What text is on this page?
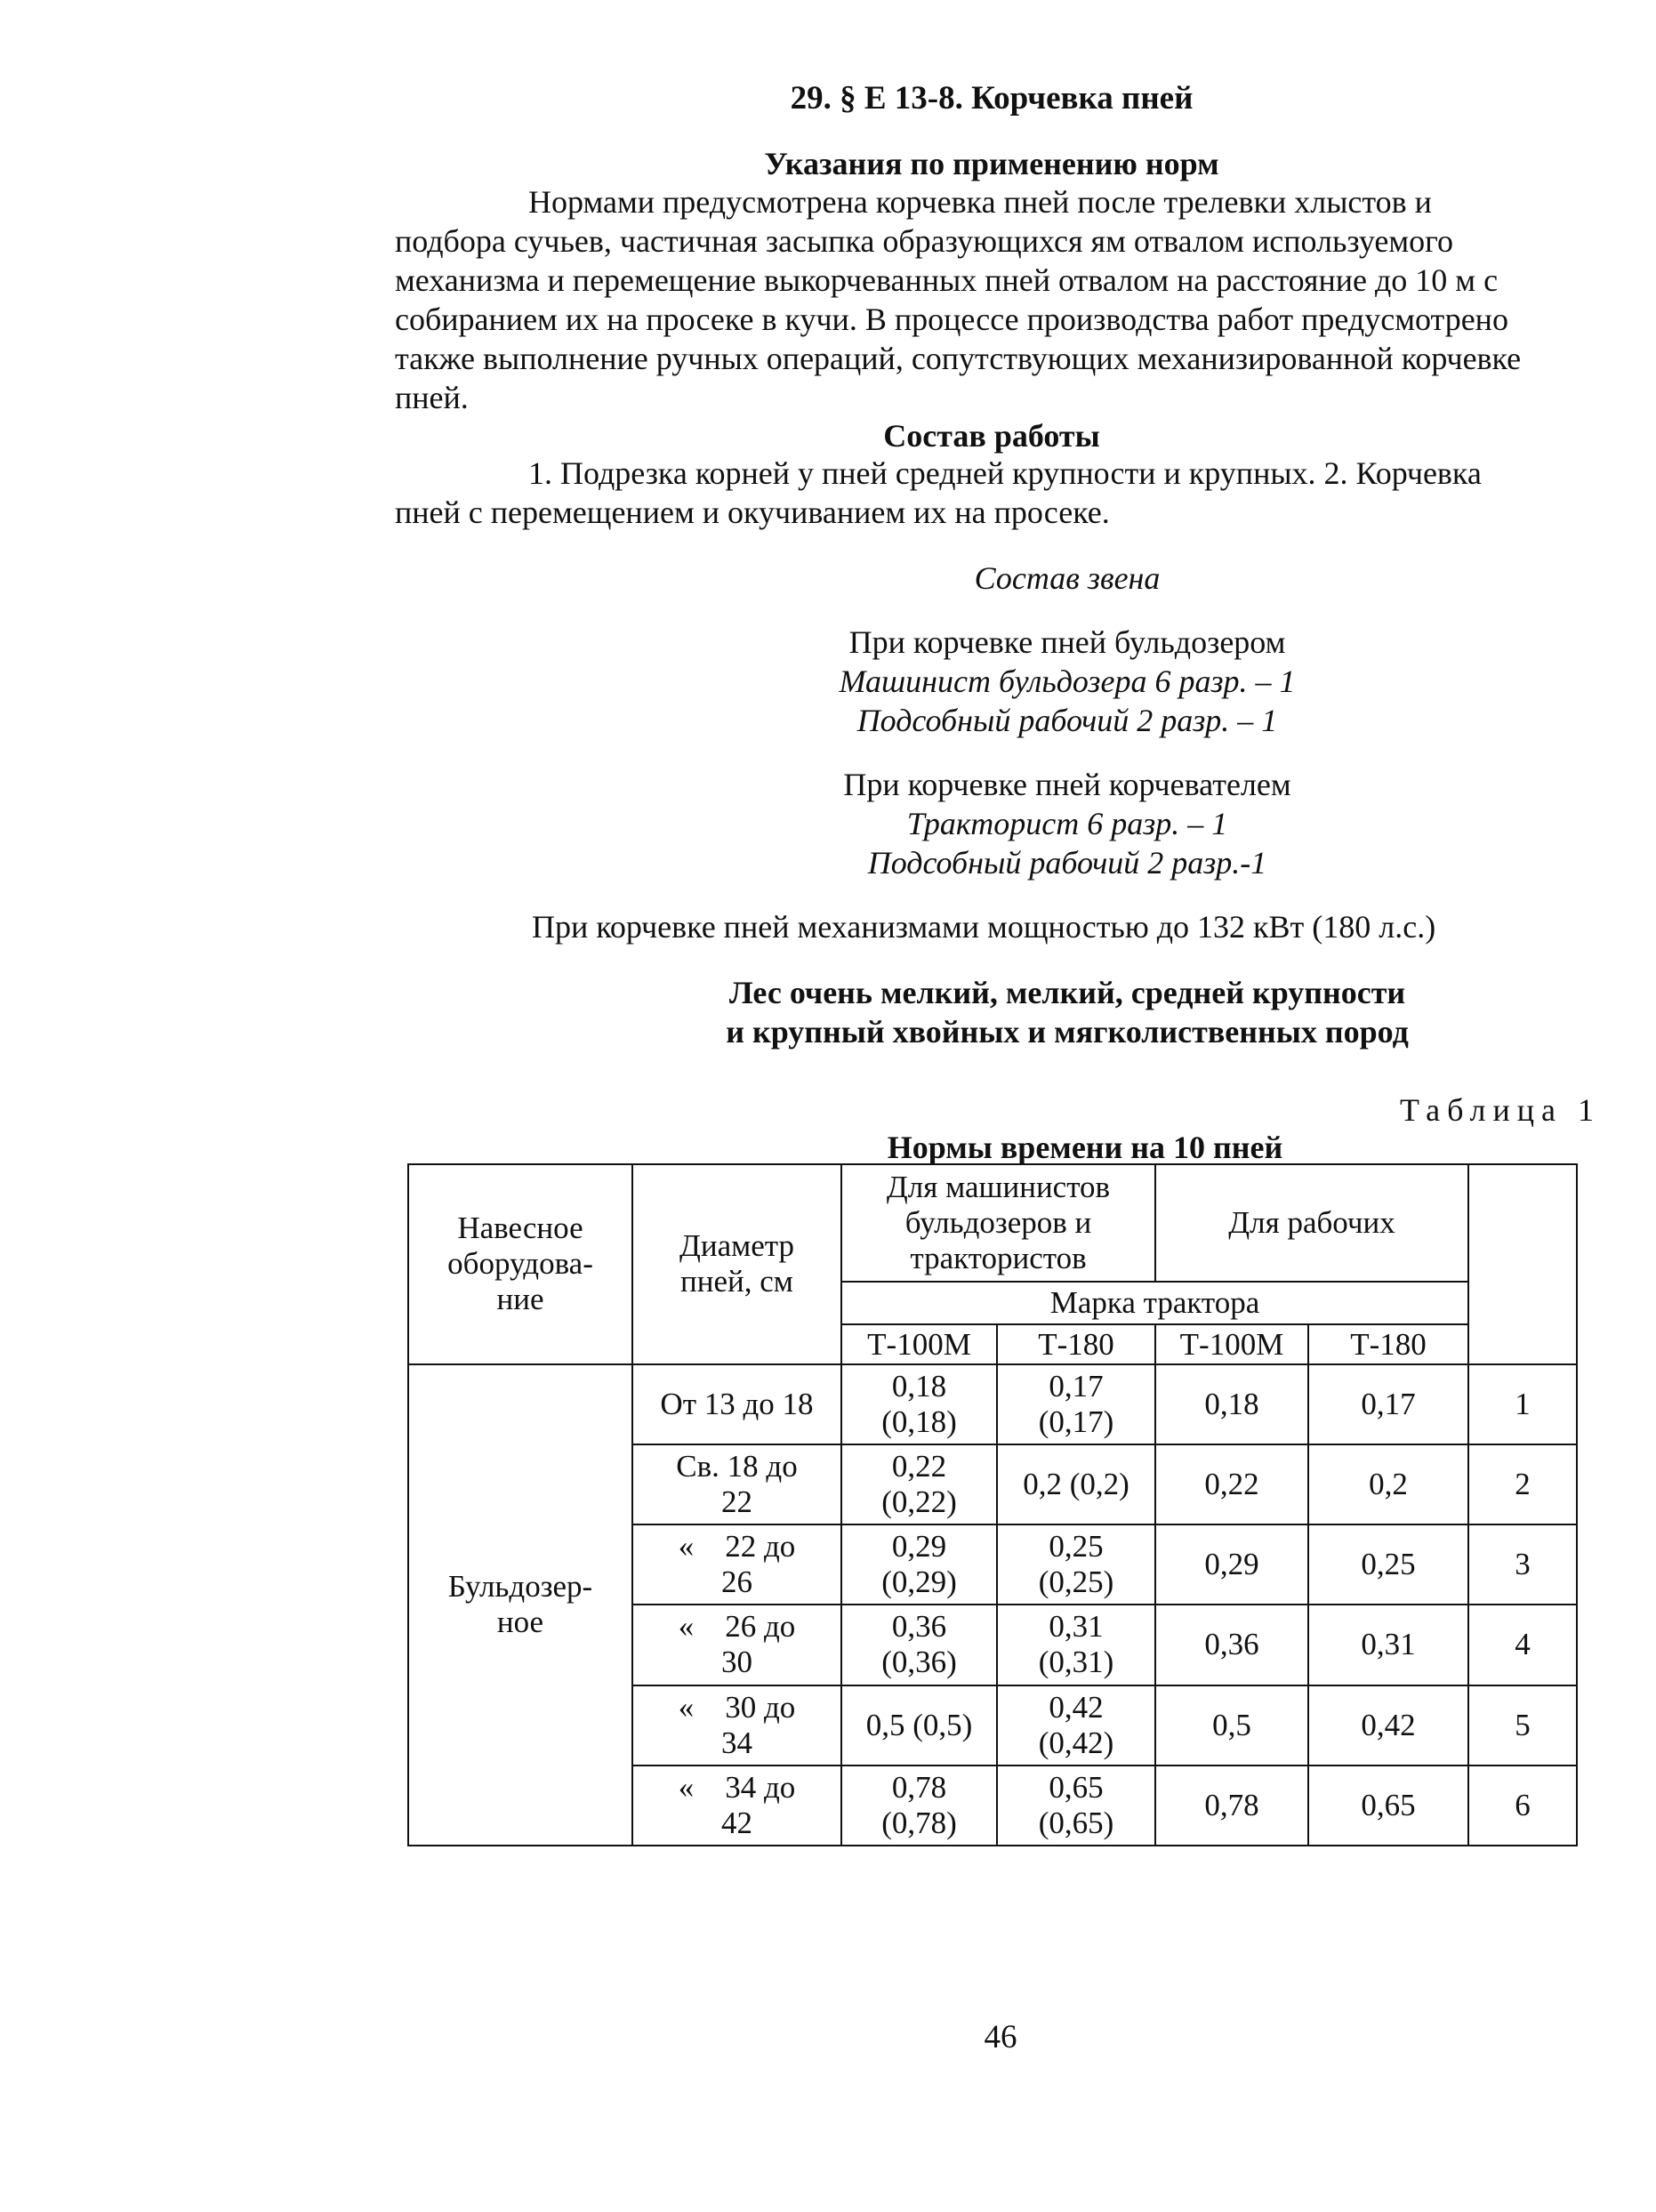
29. § Е 13-8. Корчевка пней
Указания по применению норм
Нормами предусмотрена корчевка пней после трелевки хлыстов и
подбора сучьев, частичная засыпка образующихся ям отвалом используемого
механизма и перемещение выкорчеванных пней отвалом на расстояние до 10 м с
собиранием их на просеке в кучи. В процессе производства работ предусмотрено
также выполнение ручных операций, сопутствующих механизированной корчевке
пней.
Состав работы
1. Подрезка корней у пней средней крупности и крупных. 2. Корчевка
пней с перемещением и окучиванием их на просеке.
Состав звена
При корчевке пней бульдозером
Машинист бульдозера 6 разр. – 1
Подсобный рабочий 2 разр. – 1
При корчевке пней корчевателем
Тракторист 6 разр. – 1
Подсобный рабочий 2 разр.-1
При корчевке пней механизмами мощностью до 132 кВт (180 л.с.)
Лес очень мелкий, мелкий, средней крупности
и крупный хвойных и мягколиственных пород
Таблица 1
Нормы времени на 10 пней
Навесное оборудова-ние	Диаметр пней, см	Для машинистов бульдозеров и трактористов		Для рабочих		
		Марка трактора				
		Т-100М	Т-180	Т-100М	Т-180	

Бульдозер-ное	От 13 до 18	0,18 (0,18)	0,17 (0,17)	0,18	0,17	1

	Св. 18 до 22	0,22 (0,22)	0,2 (0,2)	0,22	0,2	2

	«    22 до 26	0,29 (0,29)	0,25 (0,25)	0,29	0,25	3

	«    26 до 30	0,36 (0,36)	0,31 (0,31)	0,36	0,31	4

	«    30 до 34	0,5 (0,5)	0,42 (0,42)	0,5	0,42	5

	«    34 до 42	0,78 (0,78)	0,65 (0,65)	0,78	0,65	6
46
